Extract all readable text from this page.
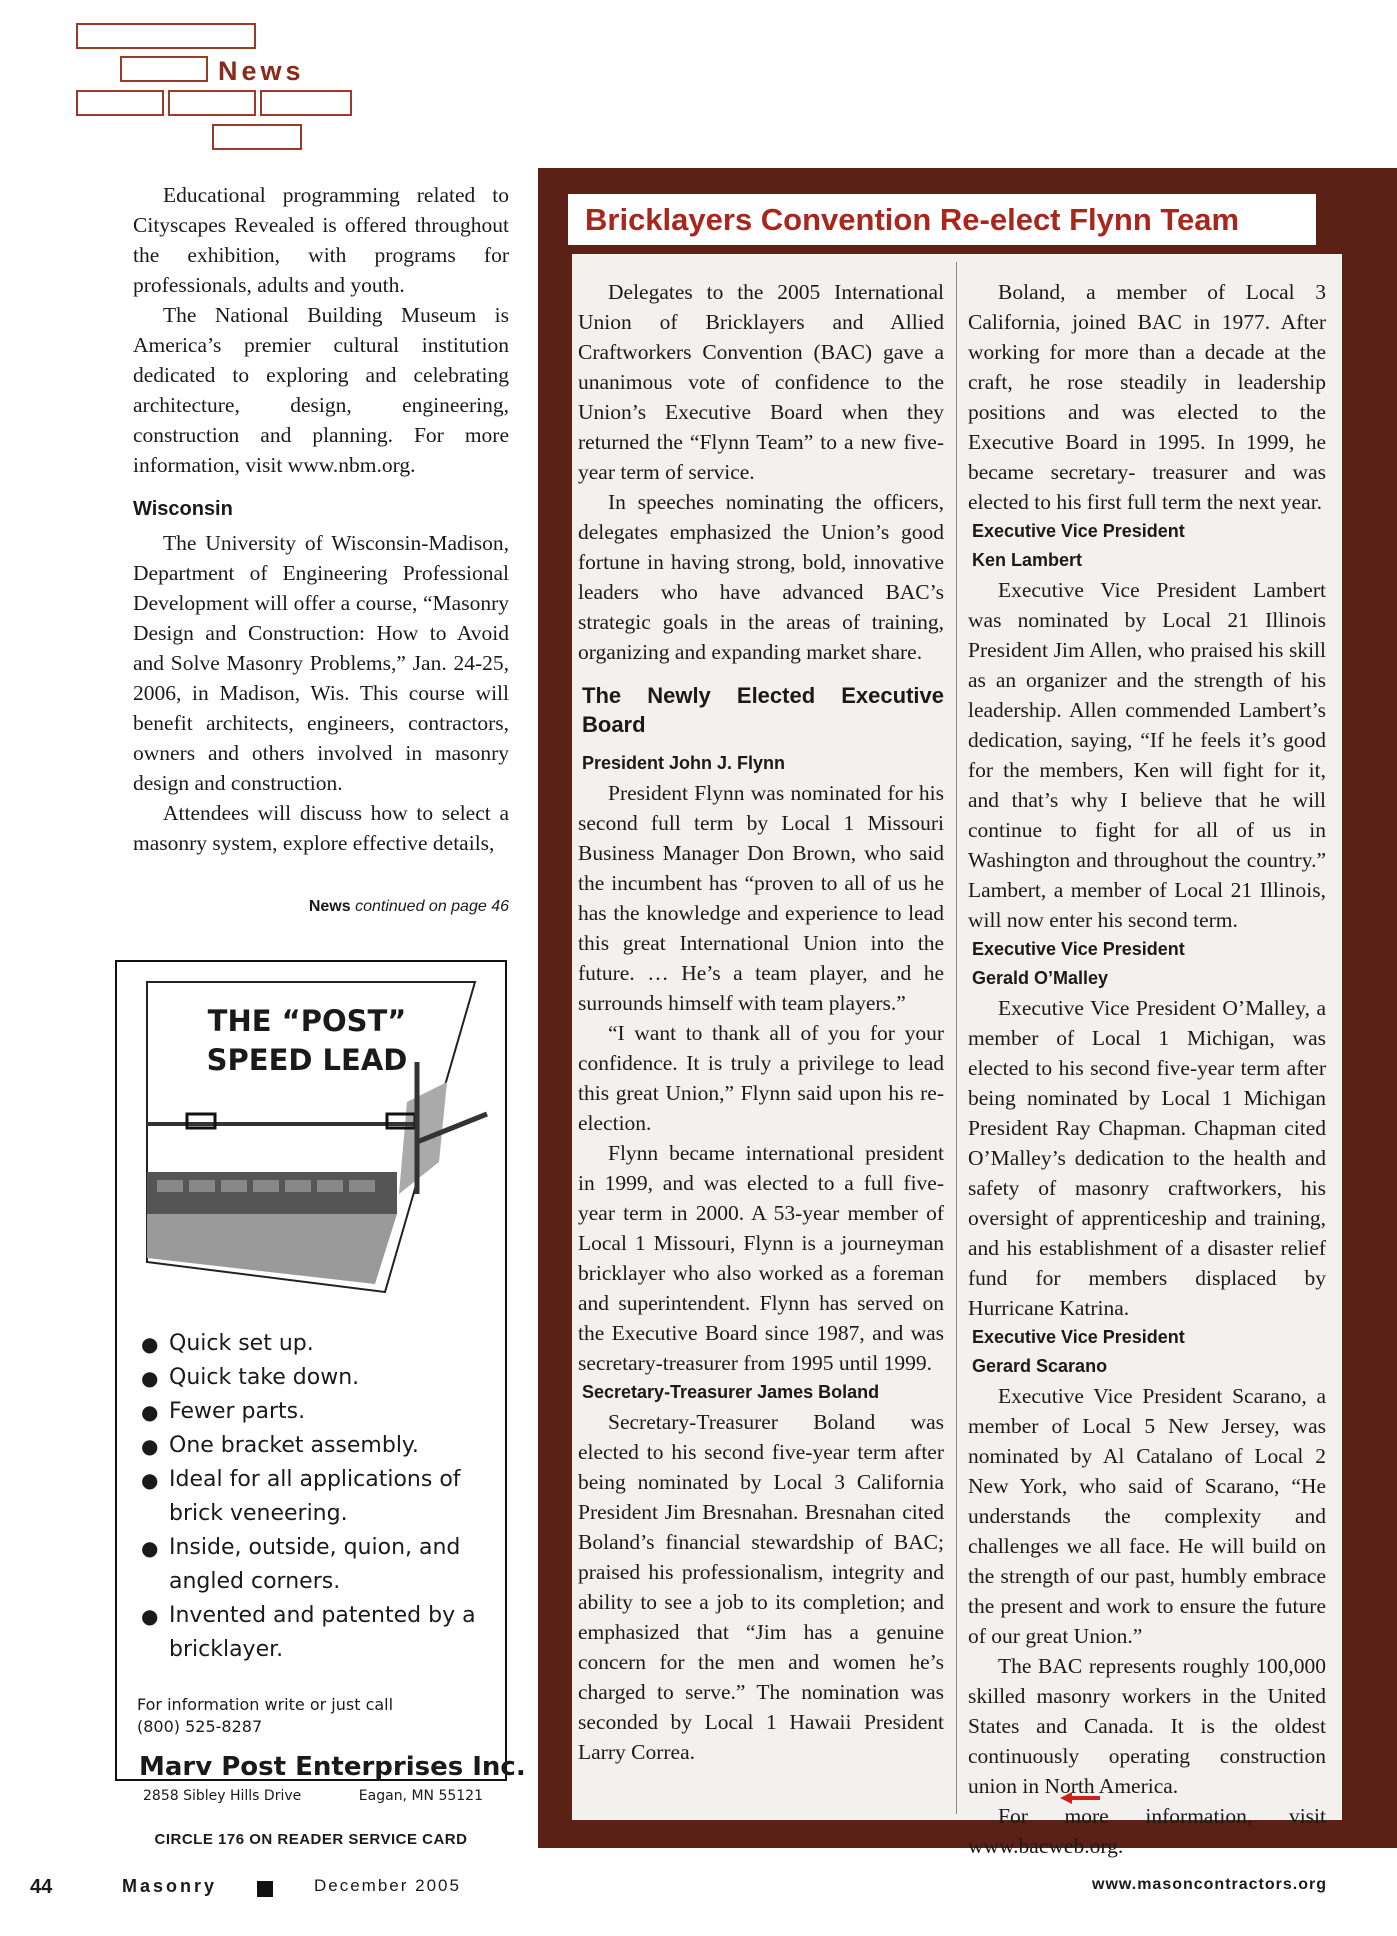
News

Educational programming related to Cityscapes Revealed is offered throughout the exhibition, with programs for professionals, adults and youth.

The National Building Museum is America’s premier cultural institution dedicated to exploring and celebrating architecture, design, engineering, construction and planning. For more information, visit www.nbm.org.

Wisconsin

The University of Wisconsin-Madison, Department of Engineering Professional Development will offer a course, “Masonry Design and Construction: How to Avoid and Solve Masonry Problems,” Jan. 24-25, 2006, in Madison, Wis. This course will benefit architects, engineers, contractors, owners and others involved in masonry design and construction.

Attendees will discuss how to select a masonry system, explore effective details,

News continued on page 46
THE “POST”
SPEED LEAD
● Quick set up.
● Quick take down.
● Fewer parts.
● One bracket assembly.
● Ideal for all applications of brick veneering.
● Inside, outside, quion, and angled corners.
● Invented and patented by a bricklayer.
For information write or just call
(800) 525-8287
Marv Post Enterprises Inc.
2858 Sibley Hills Drive	Eagan, MN 55121
CIRCLE 176 ON READER SERVICE CARD
Bricklayers Convention Re-elect Flynn Team

Delegates to the 2005 International Union of Bricklayers and Allied Craftworkers Convention (BAC) gave a unanimous vote of confidence to the Union’s Executive Board when they returned the “Flynn Team” to a new five-year term of service.

In speeches nominating the officers, delegates emphasized the Union’s good fortune in having strong, bold, innovative leaders who have advanced BAC’s strategic goals in the areas of training, organizing and expanding market share.

The Newly Elected Executive Board
President John J. Flynn

President Flynn was nominated for his second full term by Local 1 Missouri Business Manager Don Brown, who said the incumbent has “proven to all of us he has the knowledge and experience to lead this great International Union into the future. … He’s a team player, and he surrounds himself with team players.”

“I want to thank all of you for your confidence. It is truly a privilege to lead this great Union,” Flynn said upon his re-election.

Flynn became international president in 1999, and was elected to a full five-year term in 2000. A 53-year member of Local 1 Missouri, Flynn is a journeyman bricklayer who also worked as a foreman and superintendent. Flynn has served on the Executive Board since 1987, and was secretary-treasurer from 1995 until 1999.

Secretary-Treasurer James Boland

Secretary-Treasurer Boland was elected to his second five-year term after being nominated by Local 3 California President Jim Bresnahan. Bresnahan cited Boland’s financial stewardship of BAC; praised his professionalism, integrity and ability to see a job to its completion; and emphasized that “Jim has a genuine concern for the men and women he’s charged to serve.” The nomination was seconded by Local 1 Hawaii President Larry Correa.

Boland, a member of Local 3 California, joined BAC in 1977. After working for more than a decade at the craft, he rose steadily in leadership positions and was elected to the Executive Board in 1995. In 1999, he became secretary- treasurer and was elected to his first full term the next year.

Executive Vice President
Ken Lambert

Executive Vice President Lambert was nominated by Local 21 Illinois President Jim Allen, who praised his skill as an organizer and the strength of his leadership. Allen commended Lambert’s dedication, saying, “If he feels it’s good for the members, Ken will fight for it, and that’s why I believe that he will continue to fight for all of us in Washington and throughout the country.” Lambert, a member of Local 21 Illinois, will now enter his second term.

Executive Vice President
Gerald O’Malley

Executive Vice President O’Malley, a member of Local 1 Michigan, was elected to his second five-year term after being nominated by Local 1 Michigan President Ray Chapman. Chapman cited O’Malley’s dedication to the health and safety of masonry craftworkers, his oversight of apprenticeship and training, and his establishment of a disaster relief fund for members displaced by Hurricane Katrina.

Executive Vice President
Gerard Scarano

Executive Vice President Scarano, a member of Local 5 New Jersey, was nominated by Al Catalano of Local 2 New York, who said of Scarano, “He understands the complexity and challenges we all face. He will build on the strength of our past, humbly embrace the present and work to ensure the future of our great Union.”

The BAC represents roughly 100,000 skilled masonry workers in the United States and Canada. It is the oldest continuously operating construction union in North America.

For more information, visit www.bacweb.org.

44	Masonry	December 2005	www.masoncontractors.org
